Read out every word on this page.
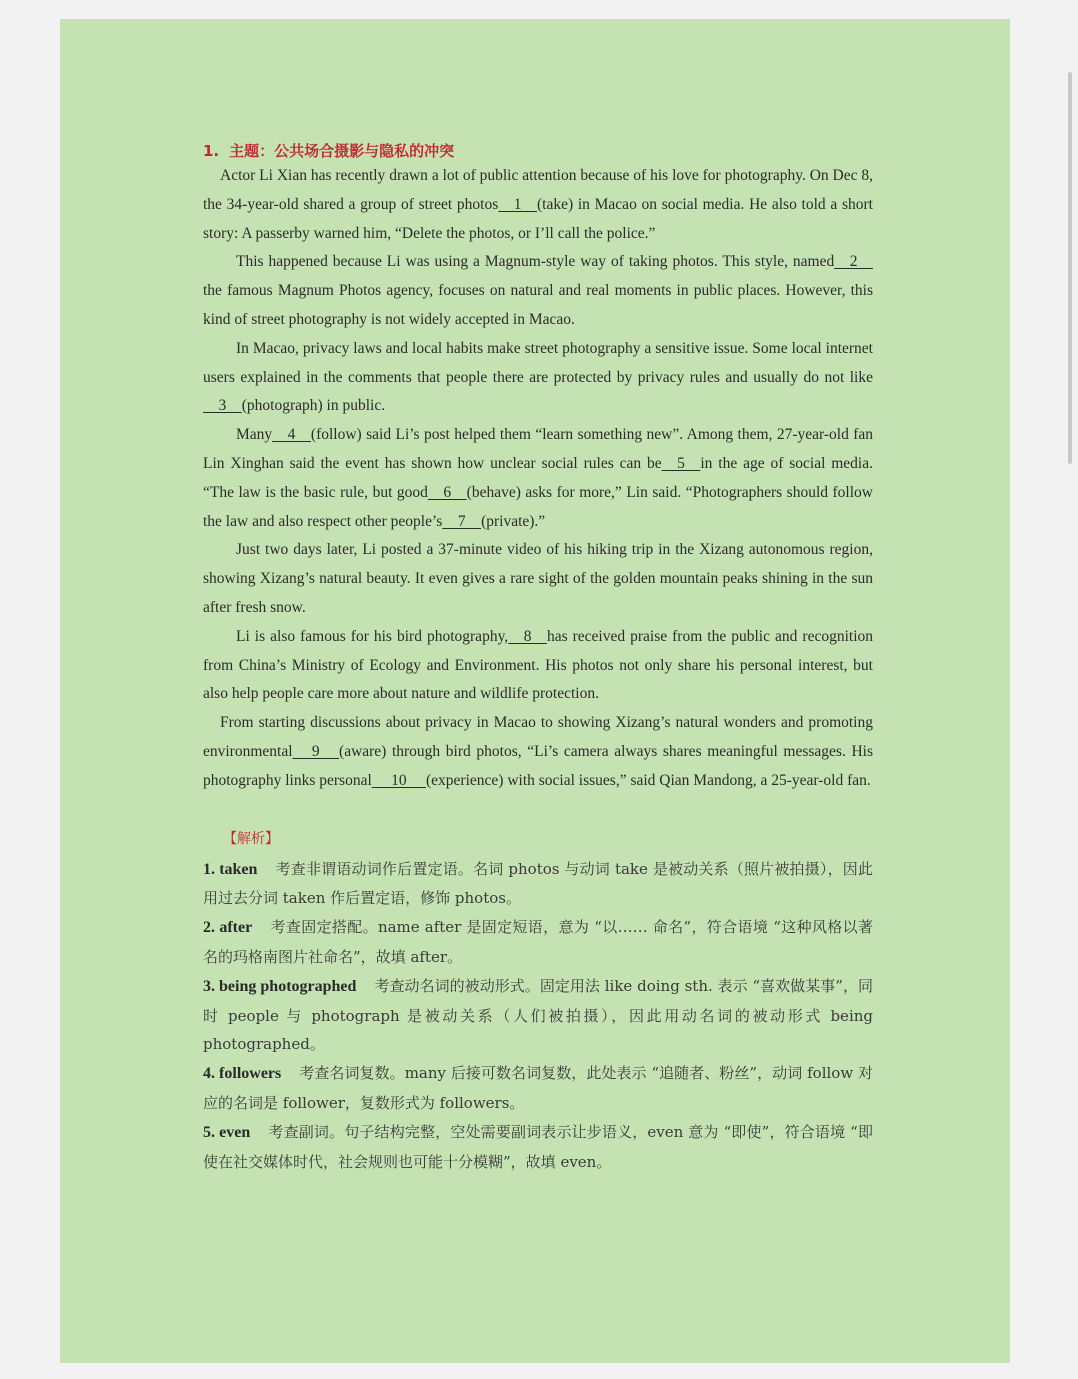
1. 主题：公共场合摄影与隐私的冲突

Actor Li Xian has recently drawn a lot of public attention because of his love for photography. On Dec 8, the 34-year-old shared a group of street photos    1    (take) in Macao on social media. He also told a short story: A passerby warned him, “Delete the photos, or I’ll call the police.”

This happened because Li was using a Magnum-style way of taking photos. This style, named    2    the famous Magnum Photos agency, focuses on natural and real moments in public places. However, this kind of street photography is not widely accepted in Macao.

In Macao, privacy laws and local habits make street photography a sensitive issue. Some local internet users explained in the comments that people there are protected by privacy rules and usually do not like    3    (photograph) in public.

Many    4    (follow) said Li’s post helped them “learn something new”. Among them, 27-year-old fan Lin Xinghan said the event has shown how unclear social rules can be    5    in the age of social media. “The law is the basic rule, but good    6    (behave) asks for more,” Lin said. “Photographers should follow the law and also respect other people’s    7    (private).”

Just two days later, Li posted a 37-minute video of his hiking trip in the Xizang autonomous region, showing Xizang’s natural beauty. It even gives a rare sight of the golden mountain peaks shining in the sun after fresh snow.

Li is also famous for his bird photography,    8    has received praise from the public and recognition from China’s Ministry of Ecology and Environment. His photos not only share his personal interest, but also help people care more about nature and wildlife protection.

From starting discussions about privacy in Macao to showing Xizang’s natural wonders and promoting environmental     9     (aware) through bird photos, “Li’s camera always shares meaningful messages. His photography links personal     10     (experience) with social issues,” said Qian Mandong, a 25-year-old fan.

【解析】

1. taken 考查非谓语动词作后置定语。名词 photos 与动词 take 是被动关系（照片被拍摄），因此用过去分词 taken 作后置定语，修饰 photos。

2. after 考查固定搭配。name after 是固定短语，意为 “以…… 命名”，符合语境 “这种风格以著名的玛格南图片社命名”，故填 after。

3. being photographed 考查动名词的被动形式。固定用法 like doing sth. 表示 “喜欢做某事”，同时 people 与 photograph 是被动关系（人们被拍摄），因此用动名词的被动形式 being photographed。

4. followers 考查名词复数。many 后接可数名词复数，此处表示 “追随者、粉丝”，动词 follow 对应的名词是 follower，复数形式为 followers。

5. even 考查副词。句子结构完整，空处需要副词表示让步语义，even 意为 “即使”，符合语境 “即使在社交媒体时代，社会规则也可能十分模糊”，故填 even。
